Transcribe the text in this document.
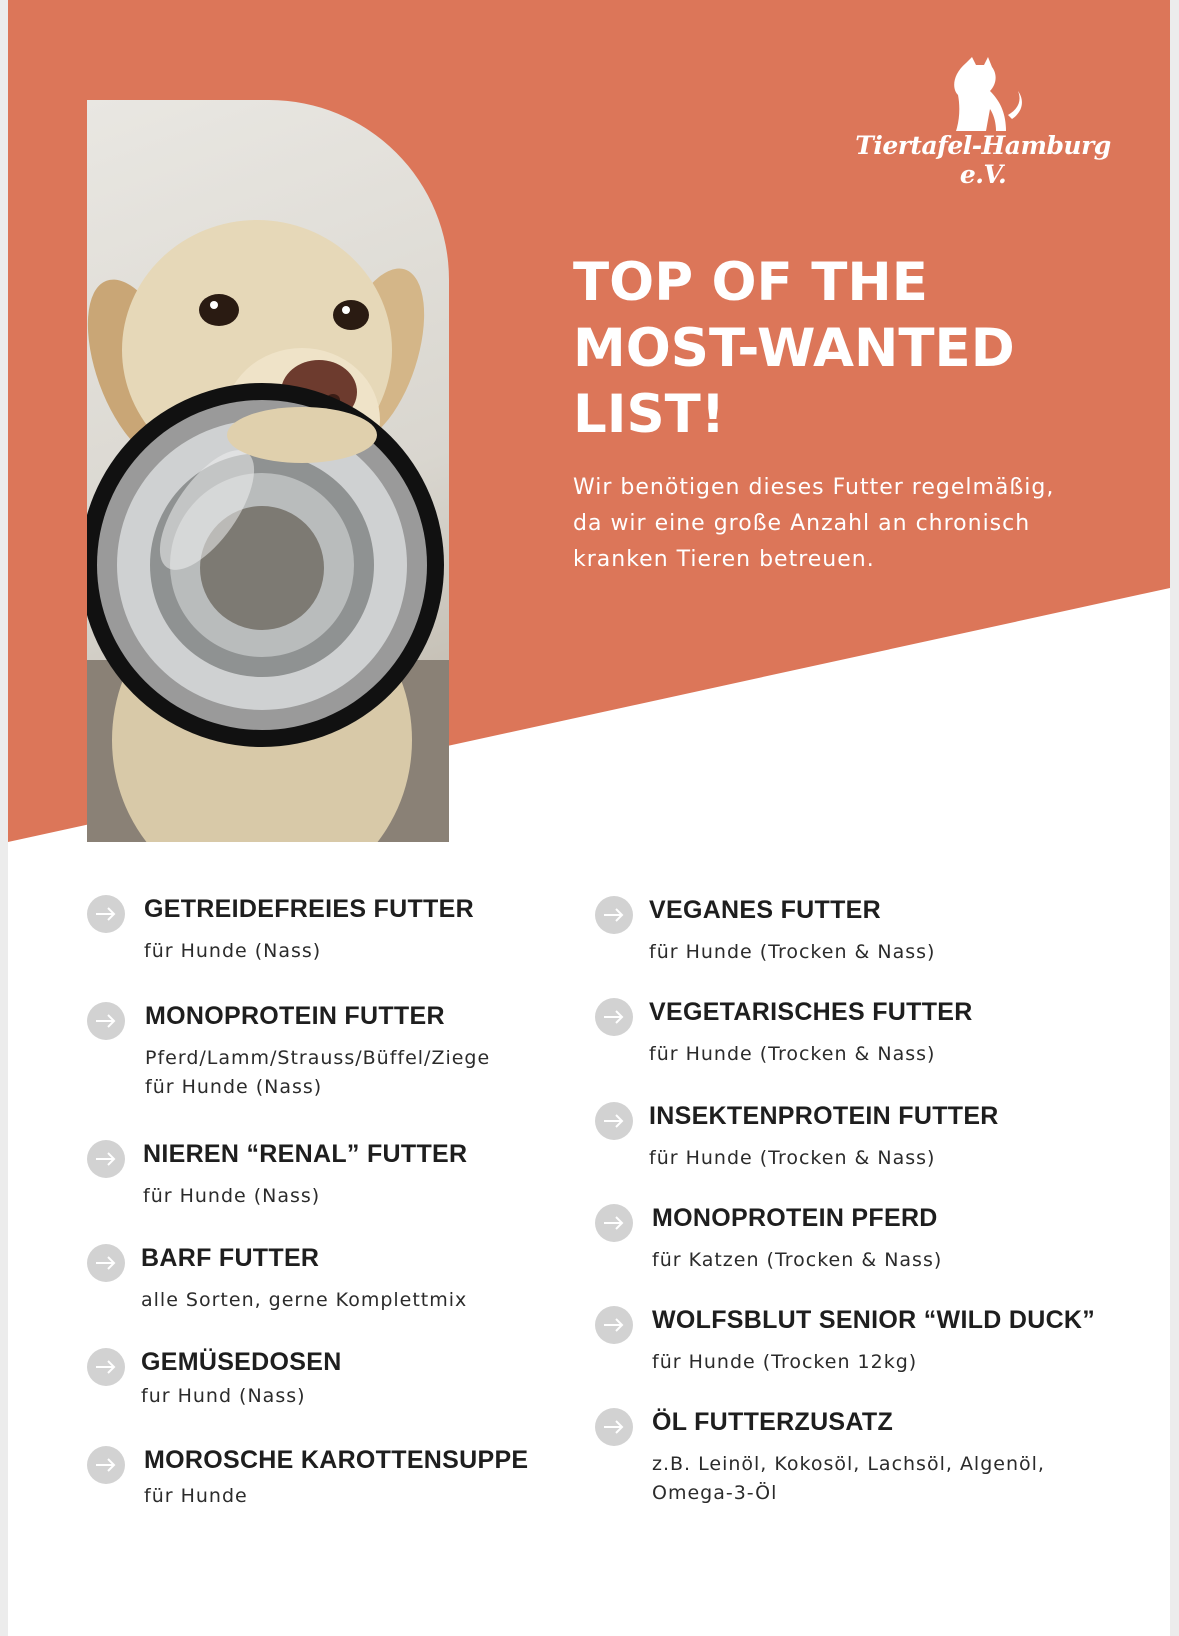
Tiertafel-Hamburg e.V.
TOP OF THE
MOST-WANTED
LIST!
Wir benötigen dieses Futter regelmäßig,
da wir eine große Anzahl an chronisch
kranken Tieren betreuen.
GETREIDEFREIES FUTTER
für Hunde (Nass)
MONOPROTEIN FUTTER
Pferd/Lamm/Strauss/Büffel/Ziege
für Hunde (Nass)
NIEREN “RENAL” FUTTER
für Hunde (Nass)
BARF FUTTER
alle Sorten, gerne Komplettmix
GEMÜSEDOSEN
fur Hund (Nass)
MOROSCHE KAROTTENSUPPE
für Hunde
VEGANES FUTTER
für Hunde (Trocken & Nass)
VEGETARISCHES FUTTER
für Hunde (Trocken & Nass)
INSEKTENPROTEIN FUTTER
für Hunde (Trocken & Nass)
MONOPROTEIN PFERD
für Katzen (Trocken & Nass)
WOLFSBLUT SENIOR “WILD DUCK”
für Hunde (Trocken 12kg)
ÖL FUTTERZUSATZ
z.B. Leinöl, Kokosöl, Lachsöl, Algenöl,
Omega-3-Öl
